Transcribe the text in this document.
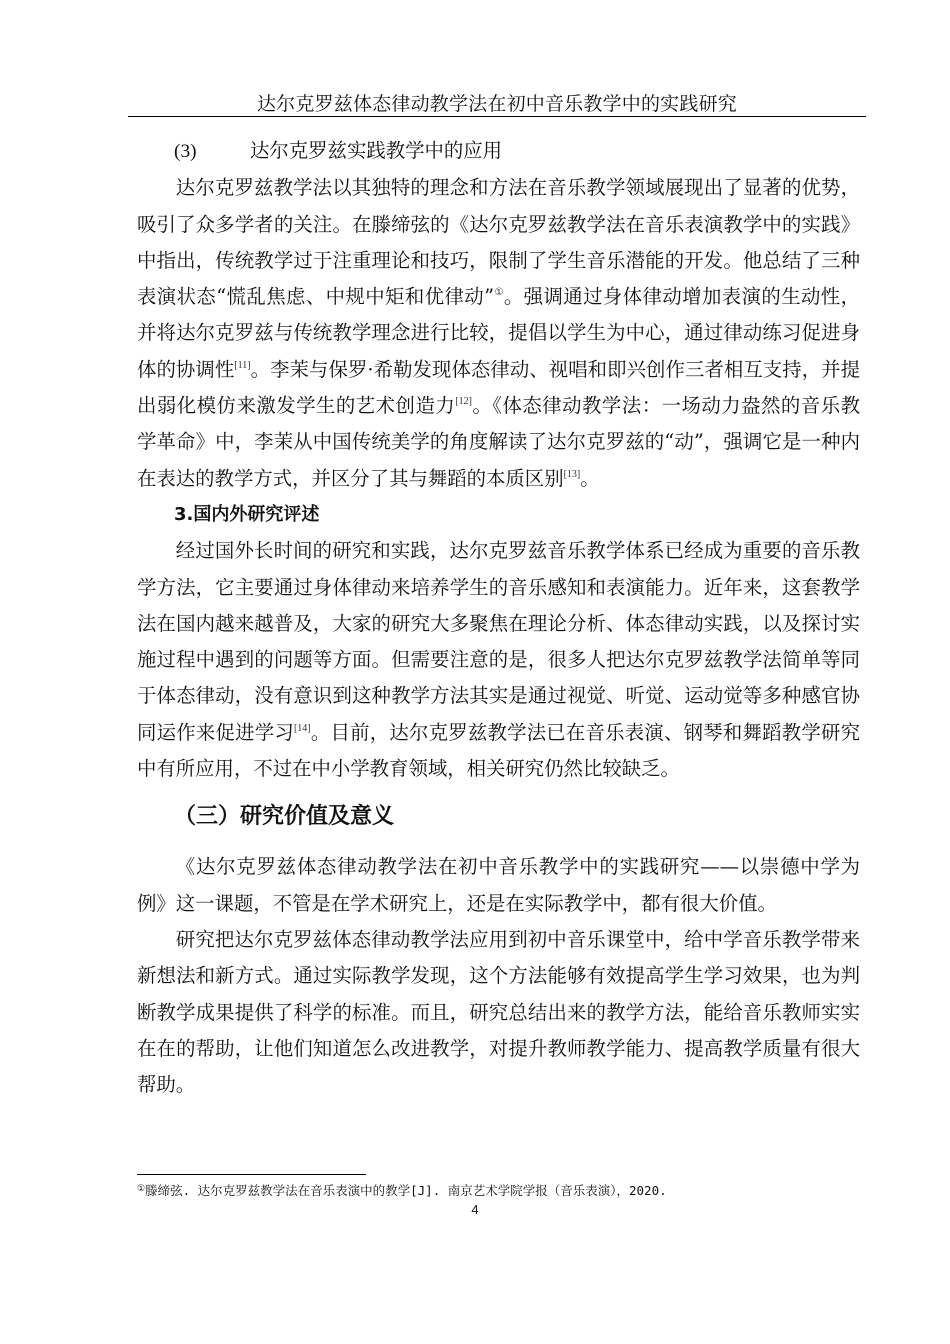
达尔克罗兹体态律动教学法在初中音乐教学中的实践研究

(3)	达尔克罗兹实践教学中的应用

达尔克罗兹教学法以其独特的理念和方法在音乐教学领域展现出了显著的优势，吸引了众多学者的关注。在滕缔弦的《达尔克罗兹教学法在音乐表演教学中的实践》中指出，传统教学过于注重理论和技巧，限制了学生音乐潜能的开发。他总结了三种表演状态“慌乱焦虑、中规中矩和优律动”①。强调通过身体律动增加表演的生动性，并将达尔克罗兹与传统教学理念进行比较，提倡以学生为中心，通过律动练习促进身体的协调性[11]。李茉与保罗·希勒发现体态律动、视唱和即兴创作三者相互支持，并提出弱化模仿来激发学生的艺术创造力[12]。《体态律动教学法：一场动力盎然的音乐教学革命》中，李茉从中国传统美学的角度解读了达尔克罗兹的“动”，强调它是一种内在表达的教学方式，并区分了其与舞蹈的本质区别[13]。

3.国内外研究评述

经过国外长时间的研究和实践，达尔克罗兹音乐教学体系已经成为重要的音乐教学方法，它主要通过身体律动来培养学生的音乐感知和表演能力。近年来，这套教学法在国内越来越普及，大家的研究大多聚焦在理论分析、体态律动实践，以及探讨实施过程中遇到的问题等方面。但需要注意的是，很多人把达尔克罗兹教学法简单等同于体态律动，没有意识到这种教学方法其实是通过视觉、听觉、运动觉等多种感官协同运作来促进学习[14]。目前，达尔克罗兹教学法已在音乐表演、钢琴和舞蹈教学研究中有所应用，不过在中小学教育领域，相关研究仍然比较缺乏。

（三）研究价值及意义

《达尔克罗兹体态律动教学法在初中音乐教学中的实践研究——以崇德中学为例》这一课题，不管是在学术研究上，还是在实际教学中，都有很大价值。

研究把达尔克罗兹体态律动教学法应用到初中音乐课堂中，给中学音乐教学带来新想法和新方式。通过实际教学发现，这个方法能够有效提高学生学习效果，也为判断教学成果提供了科学的标准。而且，研究总结出来的教学方法，能给音乐教师实实在在的帮助，让他们知道怎么改进教学，对提升教师教学能力、提高教学质量有很大帮助。

①滕缔弦. 达尔克罗兹教学法在音乐表演中的教学[J]. 南京艺术学院学报（音乐表演），2020.
4
